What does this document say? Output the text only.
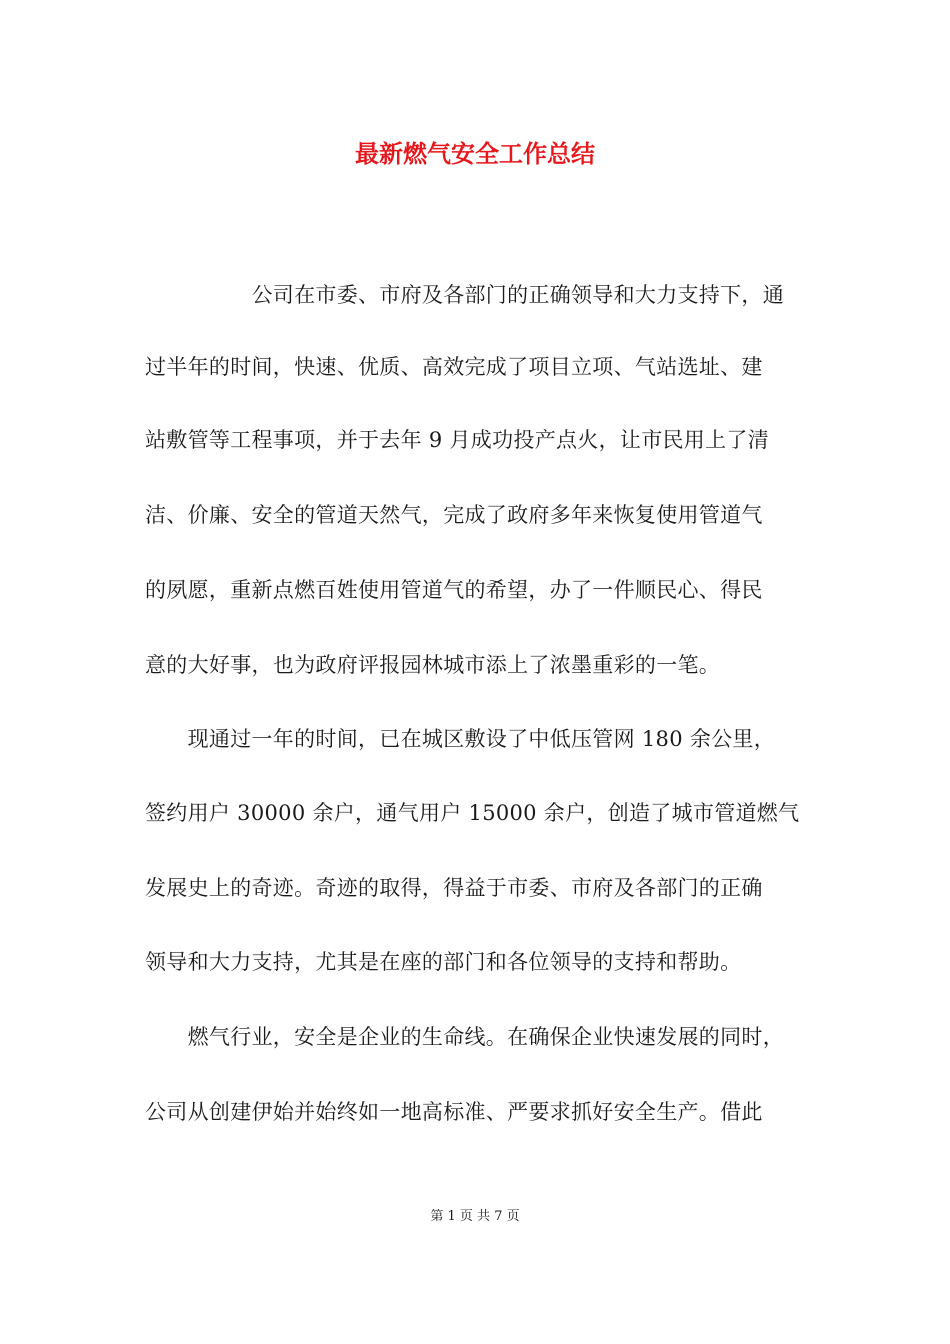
最新燃气安全工作总结
　　　　　公司在市委、市府及各部门的正确领导和大力支持下，通
过半年的时间，快速、优质、高效完成了项目立项、气站选址、建
站敷管等工程事项，并于去年 9 月成功投产点火，让市民用上了清
洁、价廉、安全的管道天然气，完成了政府多年来恢复使用管道气
的夙愿，重新点燃百姓使用管道气的希望，办了一件顺民心、得民
意的大好事，也为政府评报园林城市添上了浓墨重彩的一笔。
　　现通过一年的时间，已在城区敷设了中低压管网 180 余公里，
签约用户 30000 余户，通气用户 15000 余户，创造了城市管道燃气
发展史上的奇迹。奇迹的取得，得益于市委、市府及各部门的正确
领导和大力支持，尤其是在座的部门和各位领导的支持和帮助。
　　燃气行业，安全是企业的生命线。在确保企业快速发展的同时，
公司从创建伊始并始终如一地高标准、严要求抓好安全生产。借此
第 1 页 共 7 页
